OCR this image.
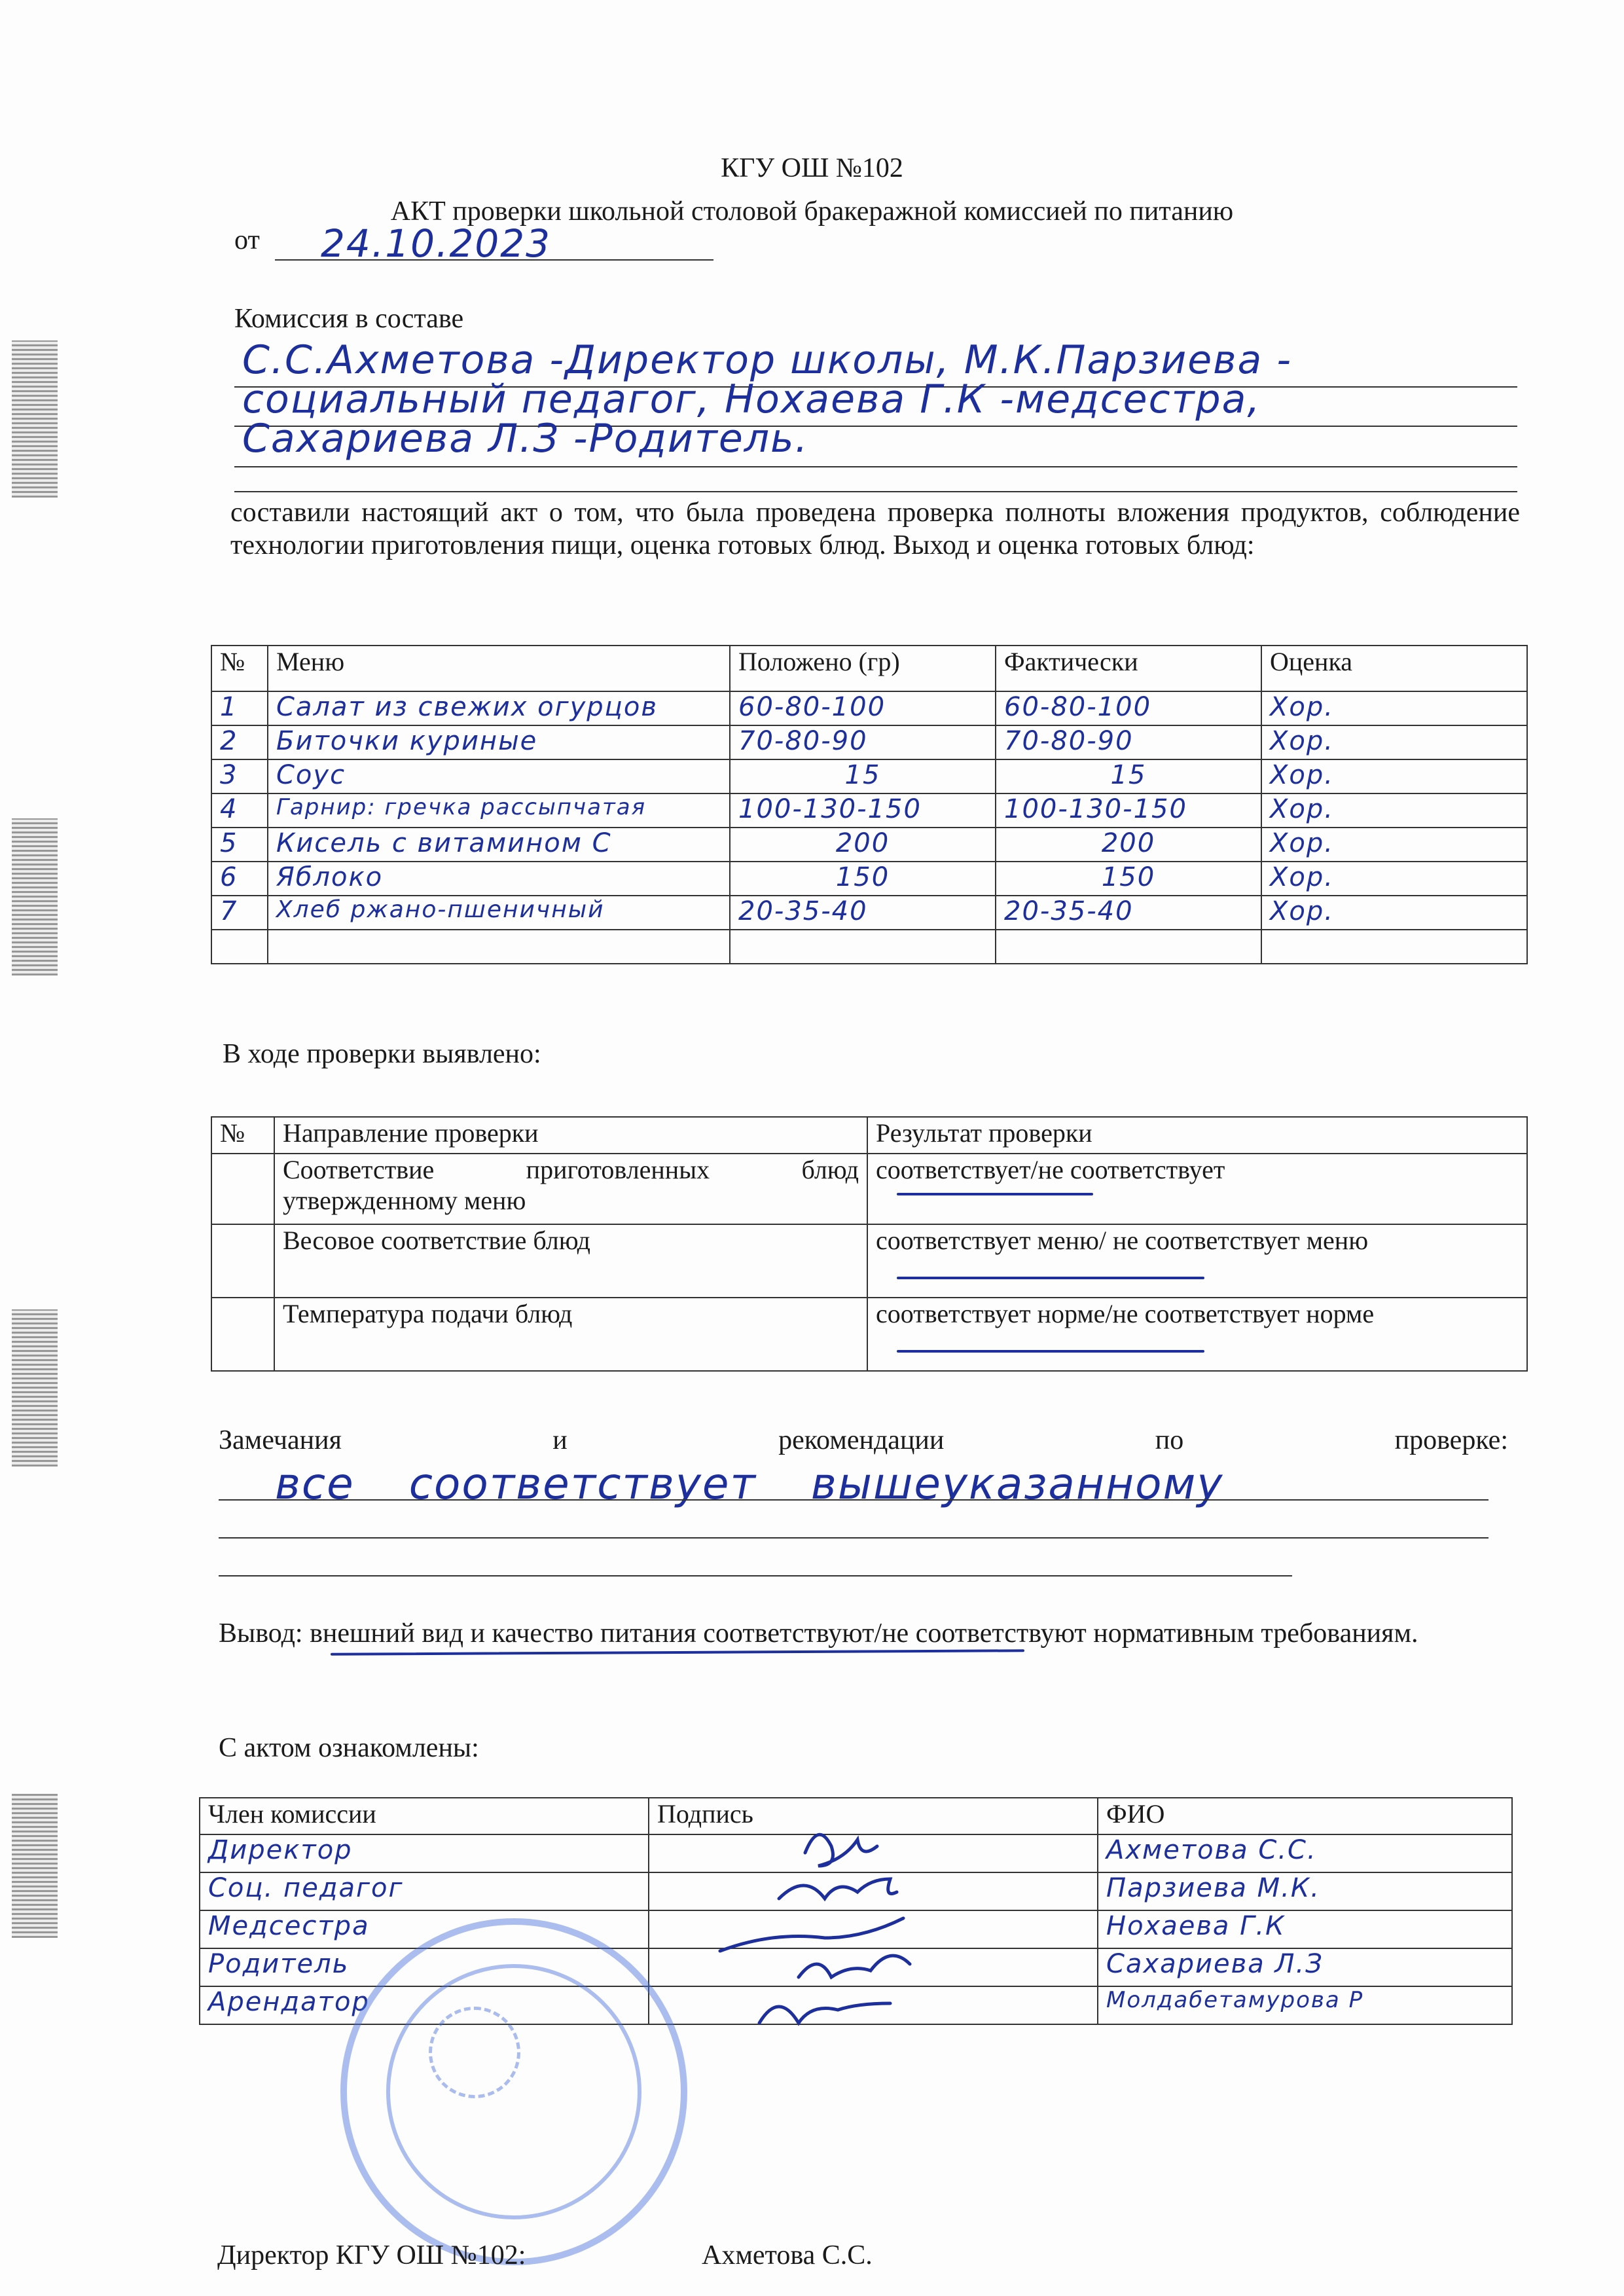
КГУ ОШ №102
АКТ проверки школьной столовой бракеражной комиссией по питанию
от 24.10.2023
Комиссия в составе
С.С.Ахметова -Директор школы, М.К.Парзиева -
социальный педагог, Нохаева Г.К -медсестра,
Сахариева Л.З -Родитель.
составили настоящий акт о том, что была проведена проверка полноты вложения продуктов, соблюдение технологии приготовления пищи, оценка готовых блюд. Выход и оценка готовых блюд:
№	Меню	Положено (гр)	Фактически	Оценка
1	Салат из свежих огурцов	60-80-100	60-80-100	Хор.
2	Биточки куриные	70-80-90	70-80-90	Хор.
3	Соус	15	15	Хор.
4	Гарнир: гречка рассыпчатая	100-130-150	100-130-150	Хор.
5	Кисель с витамином С	200	200	Хор.
6	Яблоко	150	150	Хор.
7	Хлеб ржано-пшеничный	20-35-40	20-35-40	Хор.

В ходе проверки выявлено:
№	Направление проверки	Результат проверки
	Соответствие приготовленных блюд утвержденному меню	соответствует/не соответствует
	Весовое соответствие блюд	соответствует меню/ не соответствует меню
	Температура подачи блюд	соответствует норме/не соответствует норме
Замечания и рекомендации по проверке:
все соответствует вышеуказанному
Вывод: внешний вид и качество питания соответствуют/не соответствуют нормативным требованиям.
С актом ознакомлены:
Член комиссии	Подпись	ФИО
Директор		Ахметова С.С.
Соц. педагог		Парзиева М.К.
Медсестра		Нохаева Г.К
Родитель		Сахариева Л.З
Арендатор		Молдабетамурова Р
Директор КГУ ОШ №102:	Ахметова С.С.
